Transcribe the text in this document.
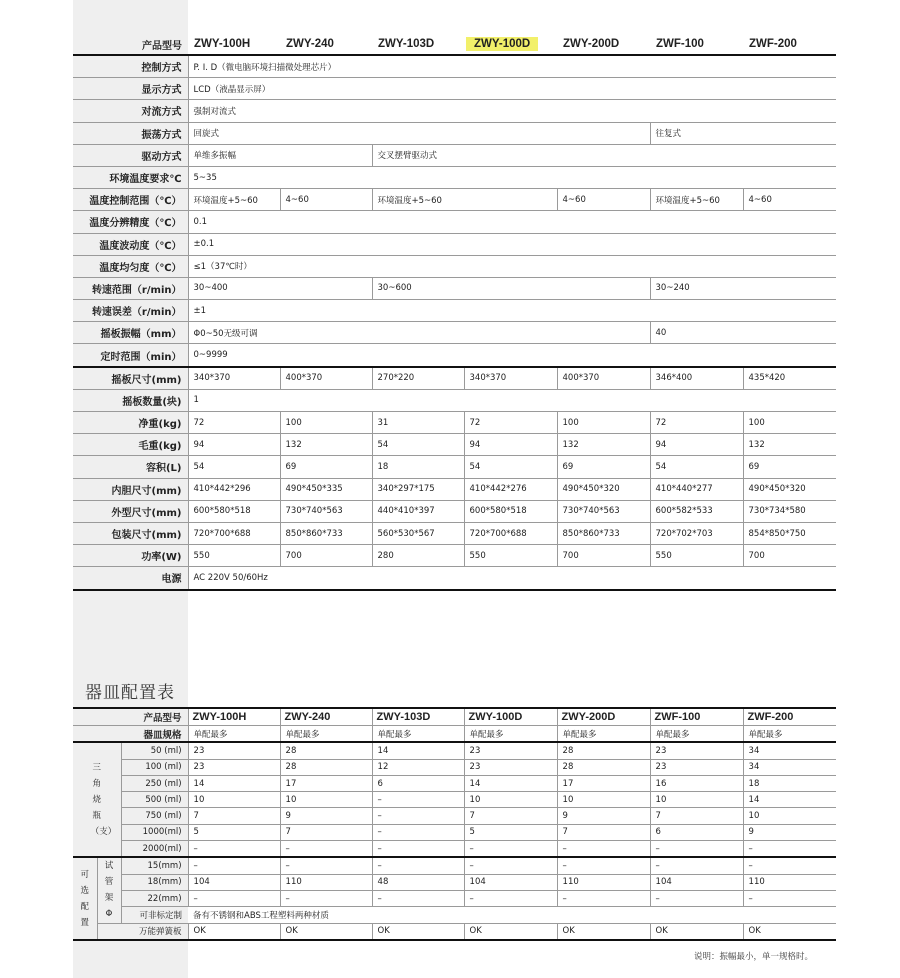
产品型号	ZWY-100H	ZWY-240	ZWY-103D	ZWY-100D	ZWY-200D	ZWF-100	ZWF-200
控制方式	P. I. D（微电脑环境扫描微处理芯片）						
显示方式	LCD（液晶显示屏）						
对流方式	强制对流式						
振荡方式	回旋式					往复式	
驱动方式	单维多振幅		交叉摆臂驱动式				
环境温度要求℃	5~35						
温度控制范围（℃）	环境温度+5~60	4~60	环境温度+5~60		4~60	环境温度+5~60	4~60
温度分辨精度（℃）	0.1						
温度波动度（℃）	±0.1						
温度均匀度（℃）	≤1（37℃时）						
转速范围（r/min）	30~400		30~600			30~240	
转速误差（r/min）	±1						
摇板振幅（mm）	Φ0~50无级可调					40	
定时范围（min）	0~9999						
摇板尺寸(mm)	340*370	400*370	270*220	340*370	400*370	346*400	435*420
摇板数量(块)	1						
净重(kg)	72	100	31	72	100	72	100
毛重(kg)	94	132	54	94	132	94	132
容积(L)	54	69	18	54	69	54	69
内胆尺寸(mm)	410*442*296	490*450*335	340*297*175	410*442*276	490*450*320	410*440*277	490*450*320
外型尺寸(mm)	600*580*518	730*740*563	440*410*397	600*580*518	730*740*563	600*582*533	730*734*580
包装尺寸(mm)	720*700*688	850*860*733	560*530*567	720*700*688	850*860*733	720*702*703	854*850*750
功率(W)	550	700	280	550	700	550	700
电源	AC 220V 50/60Hz						
器皿配置表
产品型号			ZWY-100H	ZWY-240	ZWY-103D	ZWY-100D	ZWY-200D	ZWF-100	ZWF-200
器皿规格			单配最多	单配最多	单配最多	单配最多	单配最多	单配最多	单配最多

三角烧瓶（支）		50 (ml)	23	28	14	23	28	23	34
		100 (ml)	23	28	12	23	28	23	34
		250 (ml)	14	17	6	14	17	16	18
		500 (ml)	10	10	–	10	10	10	14
		750 (ml)	7	9	–	7	9	7	10
		1000(ml)	5	7	–	5	7	6	9
		2000(ml)	–	–	–	–	–	–	–

可选配置	试管架Φ	15(mm)	–	–	–	–	–	–	–
		18(mm)	104	110	48	104	110	104	110
		22(mm)	–	–	–	–	–	–	–
		可非标定制	备有不锈钢和ABS工程塑料两种材质						
	万能弹簧板		OK	OK	OK	OK	OK	OK	OK
说明：振幅最小，单一规格时。
